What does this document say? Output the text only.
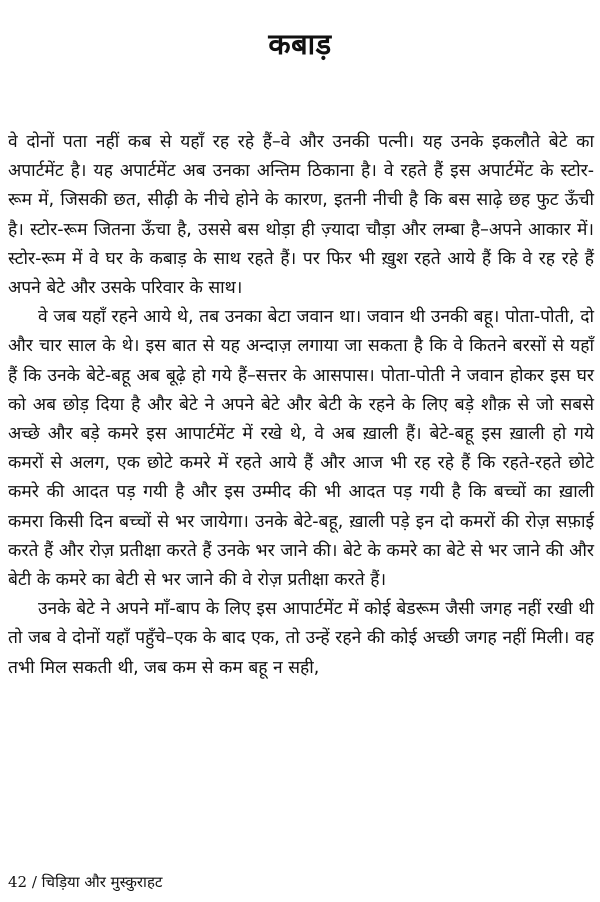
कबाड़

वे दोनों पता नहीं कब से यहाँ रह रहे हैं–वे और उनकी पत्नी। यह उनके इकलौते बेटे का अपार्टमेंट है। यह अपार्टमेंट अब उनका अन्तिम ठिकाना है। वे रहते हैं इस अपार्टमेंट के स्टोर-रूम में, जिसकी छत, सीढ़ी के नीचे होने के कारण, इतनी नीची है कि बस साढ़े छह फुट ऊँची है। स्टोर-रूम जितना ऊँचा है, उससे बस थोड़ा ही ज़्यादा चौड़ा और लम्बा है–अपने आकार में। स्टोर-रूम में वे घर के कबाड़ के साथ रहते हैं। पर फिर भी ख़ुश रहते आये हैं कि वे रह रहे हैं अपने बेटे और उसके परिवार के साथ।

वे जब यहाँ रहने आये थे, तब उनका बेटा जवान था। जवान थी उनकी बहू। पोता-पोती, दो और चार साल के थे। इस बात से यह अन्दाज़ लगाया जा सकता है कि वे कितने बरसों से यहाँ हैं कि उनके बेटे-बहू अब बूढ़े हो गये हैं–सत्तर के आसपास। पोता-पोती ने जवान होकर इस घर को अब छोड़ दिया है और बेटे ने अपने बेटे और बेटी के रहने के लिए बड़े शौक़ से जो सबसे अच्छे और बड़े कमरे इस आपार्टमेंट में रखे थे, वे अब ख़ाली हैं। बेटे-बहू इस ख़ाली हो गये कमरों से अलग, एक छोटे कमरे में रहते आये हैं और आज भी रह रहे हैं कि रहते-रहते छोटे कमरे की आदत पड़ गयी है और इस उम्मीद की भी आदत पड़ गयी है कि बच्चों का ख़ाली कमरा किसी दिन बच्चों से भर जायेगा। उनके बेटे-बहू, ख़ाली पड़े इन दो कमरों की रोज़ सफ़ाई करते हैं और रोज़ प्रतीक्षा करते हैं उनके भर जाने की। बेटे के कमरे का बेटे से भर जाने की और बेटी के कमरे का बेटी से भर जाने की वे रोज़ प्रतीक्षा करते हैं।

उनके बेटे ने अपने माँ-बाप के लिए इस आपार्टमेंट में कोई बेडरूम जैसी जगह नहीं रखी थी तो जब वे दोनों यहाँ पहुँचे–एक के बाद एक, तो उन्हें रहने की कोई अच्छी जगह नहीं मिली। वह तभी मिल सकती थी, जब कम से कम बहू न सही,

42 / चिड़िया और मुस्कुराहट
